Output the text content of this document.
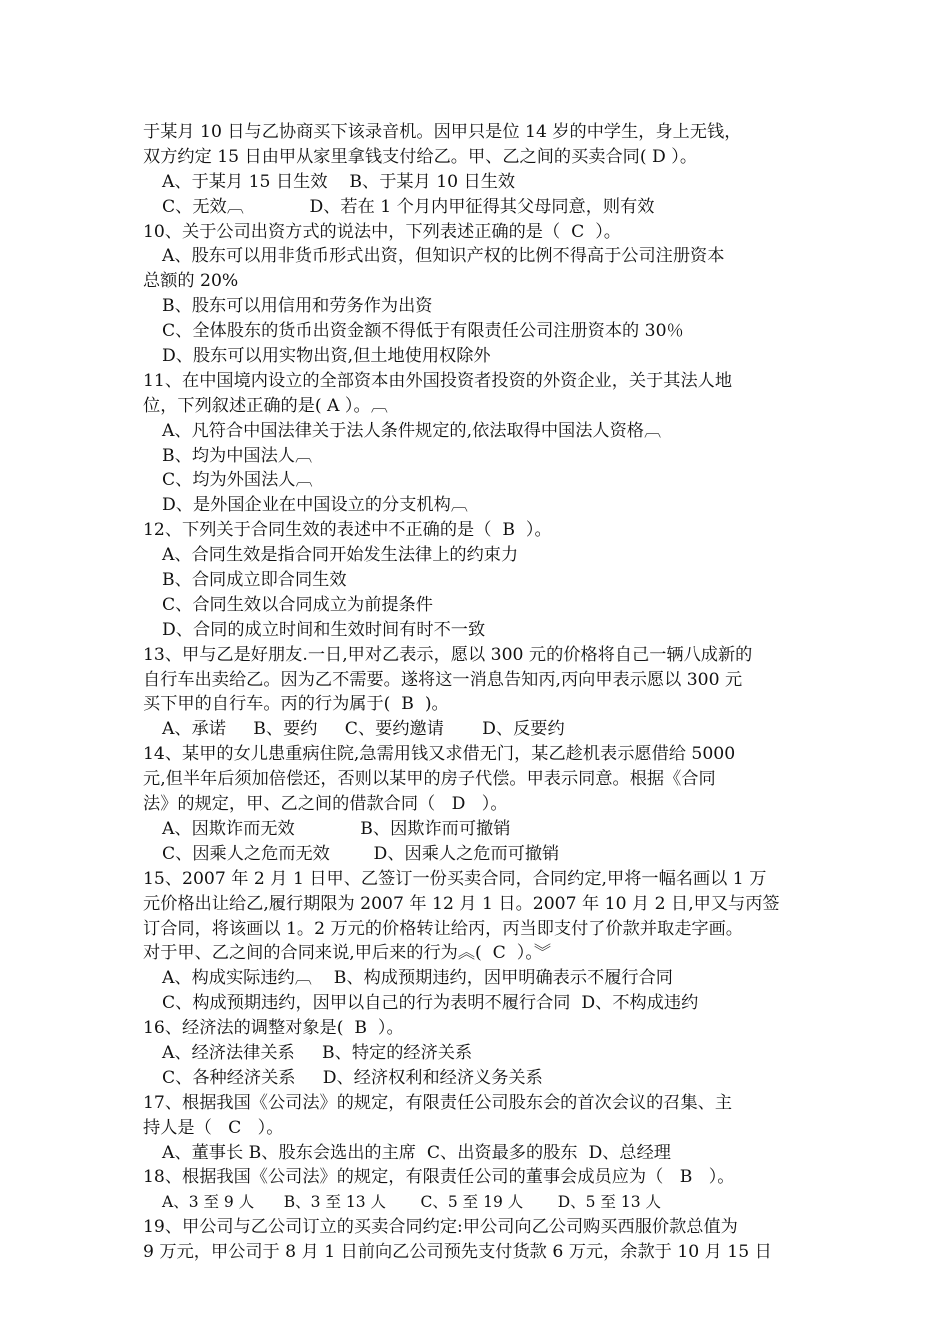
于某月 10 日与乙协商买下该录音机。因甲只是位 14 岁的中学生，身上无钱，
双方约定 15 日由甲从家里拿钱支付给乙。甲、乙之间的买卖合同( D ）。
A、于某月 15 日生效    B、于某月 10 日生效
C、无效︹            D、若在 1 个月内甲征得其父母同意，则有效
10、关于公司出资方式的说法中，下列表述正确的是（  C  ）。
A、股东可以用非货币形式出资，但知识产权的比例不得高于公司注册资本
总额的 20%
B、股东可以用信用和劳务作为出资
C、全体股东的货币出资金额不得低于有限责任公司注册资本的 30％
D、股东可以用实物出资,但土地使用权除外
11、在中国境内设立的全部资本由外国投资者投资的外资企业，关于其法人地
位，下列叙述正确的是( A ）。︹
A、凡符合中国法律关于法人条件规定的,依法取得中国法人资格︹
B、均为中国法人︹
C、均为外国法人︹
D、是外国企业在中国设立的分支机构︹
12、下列关于合同生效的表述中不正确的是（  B  ）。
A、合同生效是指合同开始发生法律上的约束力
B、合同成立即合同生效
C、合同生效以合同成立为前提条件
D、合同的成立时间和生效时间有时不一致
13、甲与乙是好朋友.一日,甲对乙表示，愿以 300 元的价格将自己一辆八成新的
自行车出卖给乙。因为乙不需要。遂将这一消息告知丙,丙向甲表示愿以 300 元
买下甲的自行车。丙的行为属于(  B  )。
A、承诺     B、要约     C、要约邀请       D、反要约
14、某甲的女儿患重病住院,急需用钱又求借无门，某乙趁机表示愿借给 5000
元,但半年后须加倍偿还，否则以某甲的房子代偿。甲表示同意。根据《合同
法》的规定，甲、乙之间的借款合同（   D   ）。
A、因欺诈而无效            B、因欺诈而可撤销
C、因乘人之危而无效        D、因乘人之危而可撤销
15、2007 年 2 月 1 日甲、乙签订一份买卖合同，合同约定,甲将一幅名画以 1 万
元价格出让给乙,履行期限为 2007 年 12 月 1 日。2007 年 10 月 2 日,甲又与丙签
订合同，将该画以 1。2 万元的价格转让给丙，丙当即支付了价款并取走字画。
对于甲、乙之间的合同来说,甲后来的行为︽(  C  ）。︾
A、构成实际违约︹    B、构成预期违约，因甲明确表示不履行合同
C、构成预期违约，因甲以自己的行为表明不履行合同  D、不构成违约
16、经济法的调整对象是(  B  ）。
A、经济法律关系     B、特定的经济关系
C、各种经济关系     D、经济权利和经济义务关系
17、根据我国《公司法》的规定，有限责任公司股东会的首次会议的召集、主
持人是（   C   ）。
A、董事长 B、股东会选出的主席  C、出资最多的股东  D、总经理
18、根据我国《公司法》的规定，有限责任公司的董事会成员应为（   B   ）。
A、3 至 9 人      B、3 至 13 人       C、5 至 19 人       D、5 至 13 人
19、甲公司与乙公司订立的买卖合同约定:甲公司向乙公司购买西服价款总值为
9 万元，甲公司于 8 月 1 日前向乙公司预先支付货款 6 万元，余款于 10 月 15 日
